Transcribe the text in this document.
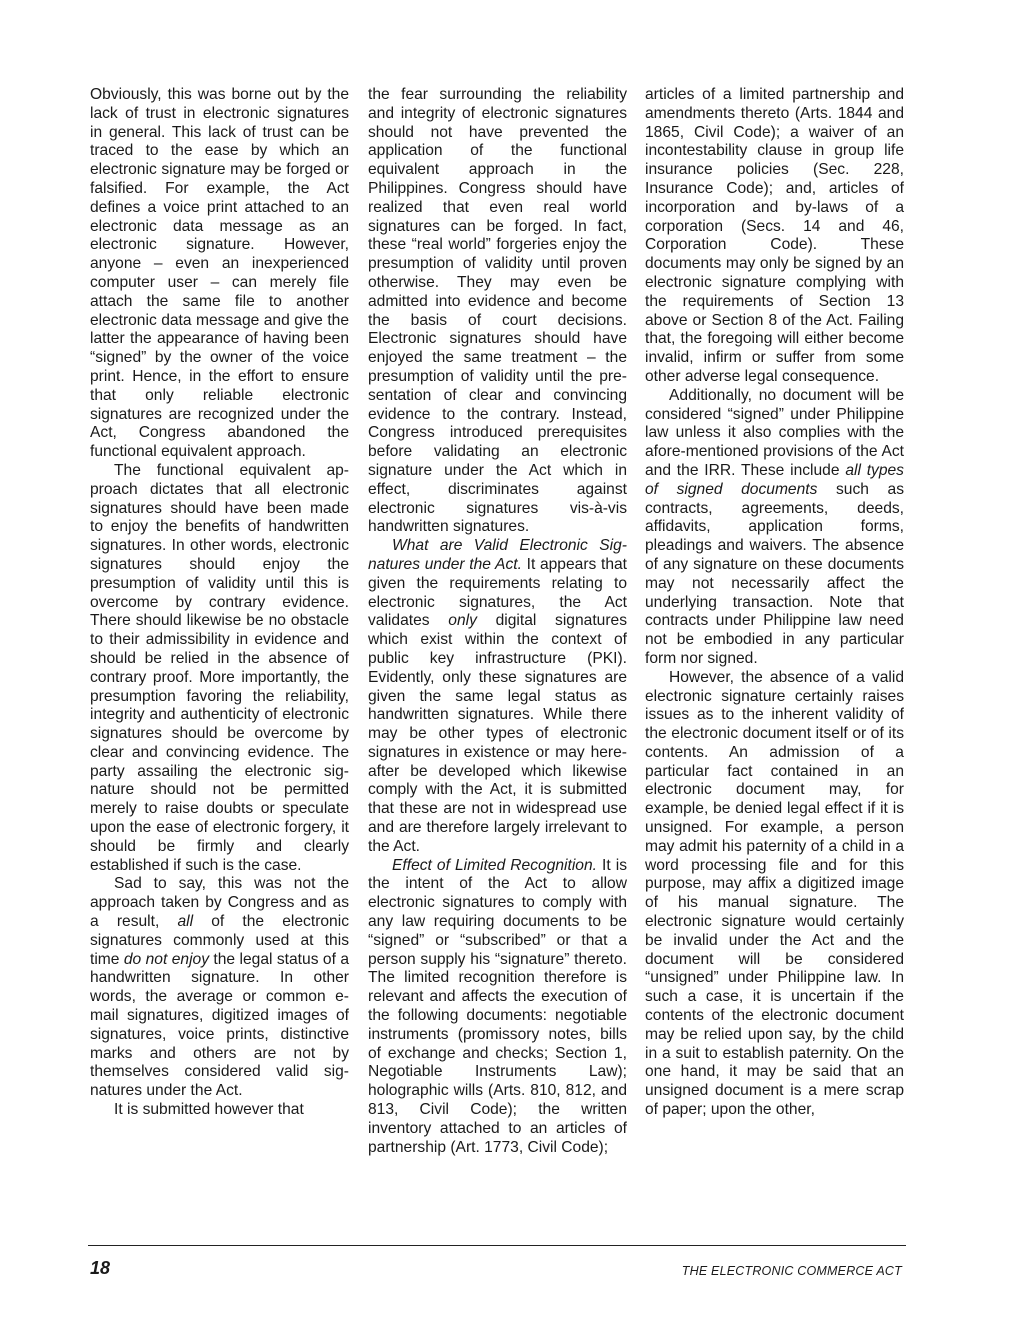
Obviously, this was borne out by the lack of trust in electronic signatures in general. This lack of trust can be traced to the ease by which an electronic signature may be forged or falsified. For example, the Act defines a voice print attached to an electronic data message as an electronic signature. However, anyone – even an inexperienced computer user – can merely file attach the same file to another electronic data message and give the latter the appearance of having been “signed” by the owner of the voice print. Hence, in the effort to ensure that only reliable electronic signatures are recognized under the Act, Congress abandoned the functional equivalent approach.

The functional equivalent approach dictates that all electronic signatures should have been made to enjoy the benefits of handwritten signatures. In other words, electronic signatures should enjoy the presumption of validity until this is overcome by contrary evidence. There should likewise be no obstacle to their admissibility in evidence and should be relied in the absence of contrary proof. More importantly, the presumption favoring the reliability, integrity and authenticity of electronic signatures should be overcome by clear and convincing evidence. The party assailing the electronic signature should not be permitted merely to raise doubts or speculate upon the ease of electronic forgery, it should be firmly and clearly established if such is the case.

Sad to say, this was not the approach taken by Congress and as a result, all of the electronic signatures commonly used at this time do not enjoy the legal status of a handwritten signature. In other words, the average or common e-mail signatures, digitized images of signatures, voice prints, distinctive marks and others are not by themselves considered valid signatures under the Act.

It is submitted however that

the fear surrounding the reliability and integrity of electronic signatures should not have prevented the application of the functional equivalent approach in the Philippines. Congress should have realized that even real world signatures can be forged. In fact, these “real world” forgeries enjoy the presumption of validity until proven otherwise. They may even be admitted into evidence and become the basis of court decisions. Electronic signatures should have enjoyed the same treatment – the presumption of validity until the presentation of clear and convincing evidence to the contrary. Instead, Congress introduced prerequisites before validating an electronic signature under the Act which in effect, discriminates against electronic signatures vis-à-vis handwritten signatures.

What are Valid Electronic Signatures under the Act. It appears that given the requirements relating to electronic signatures, the Act validates only digital signatures which exist within the context of public key infrastructure (PKI). Evidently, only these signatures are given the same legal status as handwritten signatures. While there may be other types of electronic signatures in existence or may hereafter be developed which likewise comply with the Act, it is submitted that these are not in widespread use and are therefore largely irrelevant to the Act.

Effect of Limited Recognition. It is the intent of the Act to allow electronic signatures to comply with any law requiring documents to be “signed” or “subscribed” or that a person supply his “signature” thereto. The limited recognition therefore is relevant and affects the execution of the following documents: negotiable instruments (promissory notes, bills of exchange and checks; Section 1, Negotiable Instruments Law); holographic wills (Arts. 810, 812, and 813, Civil Code); the written inventory attached to an articles of partnership (Art. 1773, Civil Code);

articles of a limited partnership and amendments thereto (Arts. 1844 and 1865, Civil Code); a waiver of an incontestability clause in group life insurance policies (Sec. 228, Insurance Code); and, articles of incorporation and by-laws of a corporation (Secs. 14 and 46, Corporation Code). These documents may only be signed by an electronic signature complying with the requirements of Section 13 above or Section 8 of the Act. Failing that, the foregoing will either become invalid, infirm or suffer from some other adverse legal consequence.

Additionally, no document will be considered “signed” under Philippine law unless it also complies with the afore-mentioned provisions of the Act and the IRR. These include all types of signed documents such as contracts, agreements, deeds, affidavits, application forms, pleadings and waivers. The absence of any signature on these documents may not necessarily affect the underlying transaction. Note that contracts under Philippine law need not be embodied in any particular form nor signed.

However, the absence of a valid electronic signature certainly raises issues as to the inherent validity of the electronic document itself or of its contents. An admission of a particular fact contained in an electronic document may, for example, be denied legal effect if it is unsigned. For example, a person may admit his paternity of a child in a word processing file and for this purpose, may affix a digitized image of his manual signature. The electronic signature would certainly be invalid under the Act and the document will be considered “unsigned” under Philippine law. In such a case, it is uncertain if the contents of the electronic document may be relied upon say, by the child in a suit to establish paternity. On the one hand, it may be said that an unsigned document is a mere scrap of paper; upon the other,

18	THE ELECTRONIC COMMERCE ACT
